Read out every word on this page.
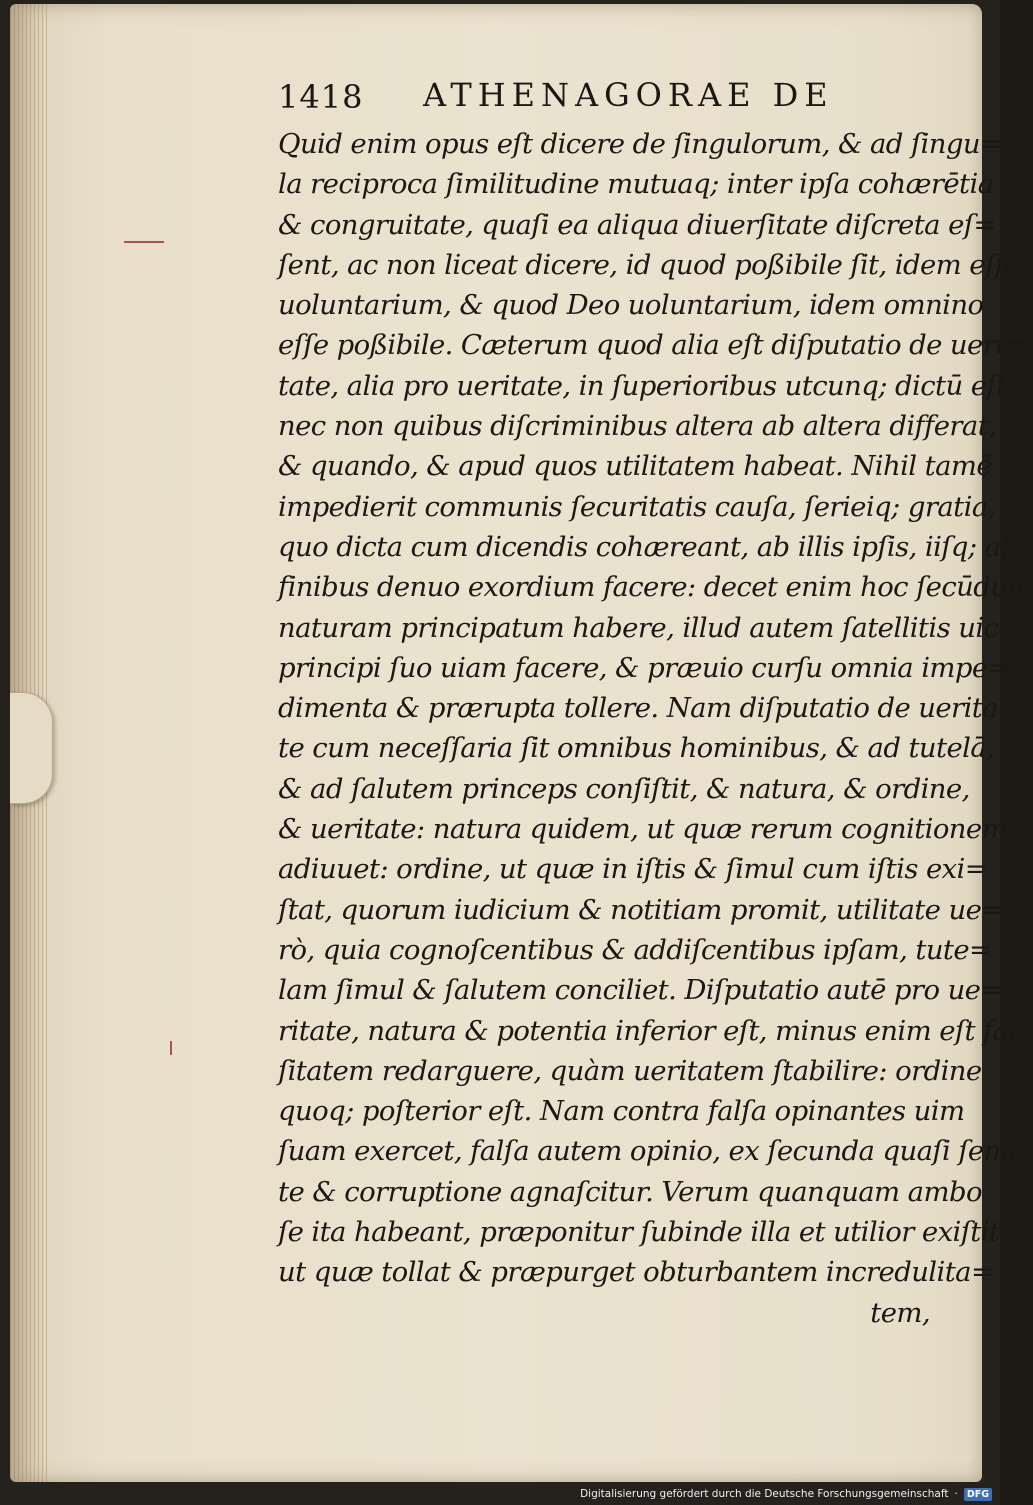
1418 ATHENAGORAE DE
Quid enim opus eſt dicere de ſingulorum, & ad ſingu=
la reciproca ſimilitudine mutuaq; inter ipſa cohærētia
& congruitate, quaſi ea aliqua diuerſitate diſcreta eſ=
ſent, ac non liceat dicere, id quod poßibile ſit, idem eſſe
uoluntarium, & quod Deo uoluntarium, idem omnino
eſſe poßibile. Cæterum quod alia eſt diſputatio de ueri=
tate, alia pro ueritate, in ſuperioribus utcunq; dictū eſt,
nec non quibus diſcriminibus altera ab altera differat,
& quando, & apud quos utilitatem habeat. Nihil tamē
impedierit communis ſecuritatis cauſa, ſerieiq; gratia,
quo dicta cum dicendis cohæreant, ab illis ipſis, iiſq; af=
finibus denuo exordium facere: decet enim hoc ſecūdum
naturam principatum habere, illud autem ſatellitis uice
principi ſuo uiam facere, & præuio curſu omnia impe=
dimenta & prærupta tollere. Nam diſputatio de uerita
te cum neceſſaria ſit omnibus hominibus, & ad tutelā,
& ad ſalutem princeps conſiſtit, & natura, & ordine,
& ueritate: natura quidem, ut quæ rerum cognitionem
adiuuet: ordine, ut quæ in iſtis & ſimul cum iſtis exi=
ſtat, quorum iudicium & notitiam promit, utilitate ue=
rò, quia cognoſcentibus & addiſcentibus ipſam, tute=
lam ſimul & ſalutem conciliet. Diſputatio autē pro ue=
ritate, natura & potentia inferior eſt, minus enim eſt fal
ſitatem redarguere, quàm ueritatem ſtabilire: ordine
quoq; poſterior eſt. Nam contra falſa opinantes uim
ſuam exercet, falſa autem opinio, ex ſecunda quaſi ſemē
te & corruptione agnaſcitur. Verum quanquam ambo
ſe ita habeant, præponitur ſubinde illa et utilior exiſtit,
ut quæ tollat & præpurget obturbantem incredulita=
tem,
Digitalisierung gefördert durch die Deutsche Forschungsgemeinschaft · DFG
